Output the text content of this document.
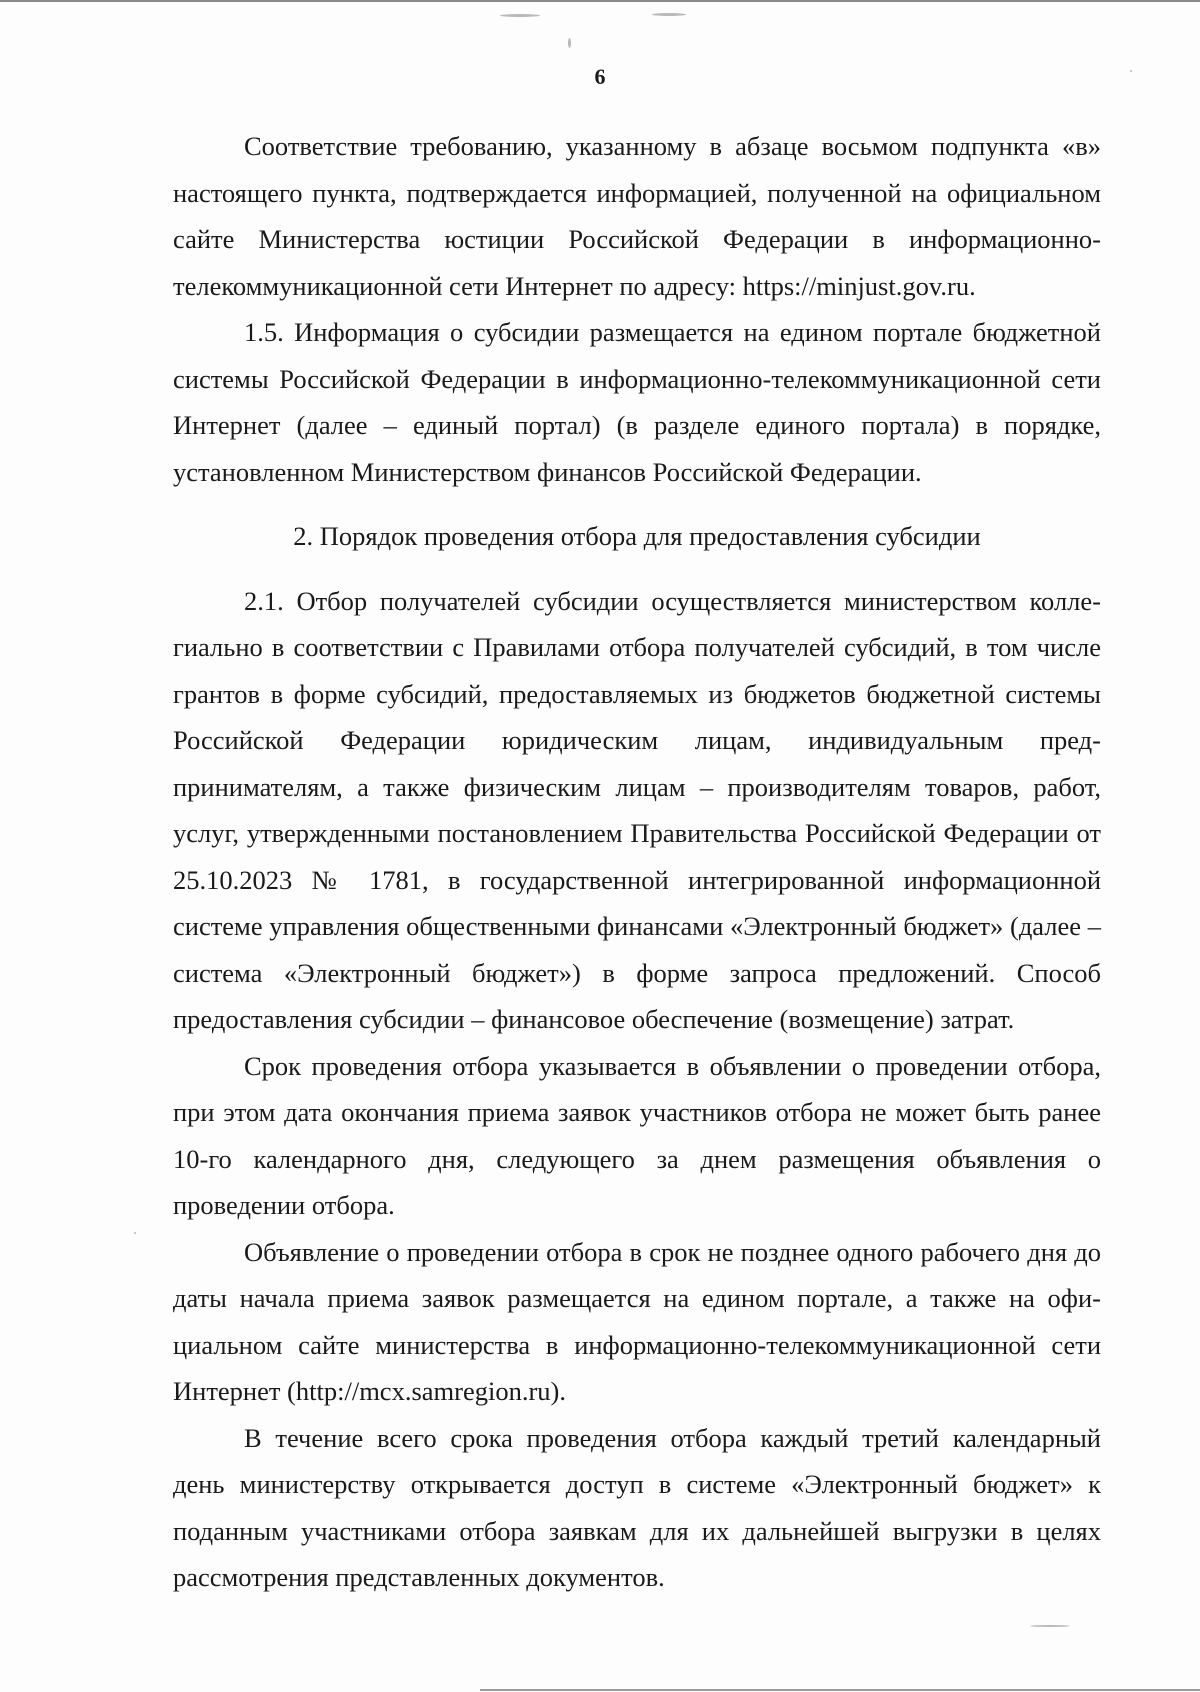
6

Соответствие требованию, указанному в абзаце восьмом подпункта «в» настоящего пункта, подтверждается информацией, полученной на официальном сайте Министерства юстиции Российской Федерации в информационно-телекоммуникационной сети Интернет по адресу: https://minjust.gov.ru.

1.5. Информация о субсидии размещается на едином портале бюджетной системы Российской Федерации в информационно-телекоммуникационной сети Интернет (далее – единый портал) (в разделе единого портала) в порядке, установленном Министерством финансов Российской Федерации.

2. Порядок проведения отбора для предоставления субсидии

2.1. Отбор получателей субсидии осуществляется министерством коллегиально в соответствии с Правилами отбора получателей субсидий, в том числе грантов в форме субсидий, предоставляемых из бюджетов бюджетной системы Российской Федерации юридическим лицам, индивидуальным предпринимателям, а также физическим лицам – производителям товаров, работ, услуг, утвержденными постановлением Правительства Российской Федерации от 25.10.2023 № 1781, в государственной интегрированной информационной системе управления общественными финансами «Электронный бюджет» (далее – система «Электронный бюджет») в форме запроса предложений. Способ предоставления субсидии – финансовое обеспечение (возмещение) затрат.

Срок проведения отбора указывается в объявлении о проведении отбора, при этом дата окончания приема заявок участников отбора не может быть ранее 10-го календарного дня, следующего за днем размещения объявления о проведении отбора.

Объявление о проведении отбора в срок не позднее одного рабочего дня до даты начала приема заявок размещается на едином портале, а также на официальном сайте министерства в информационно-телекоммуникационной сети Интернет (http://mcx.samregion.ru).

В течение всего срока проведения отбора каждый третий календарный день министерству открывается доступ в системе «Электронный бюджет» к поданным участниками отбора заявкам для их дальнейшей выгрузки в целях рассмотрения представленных документов.
